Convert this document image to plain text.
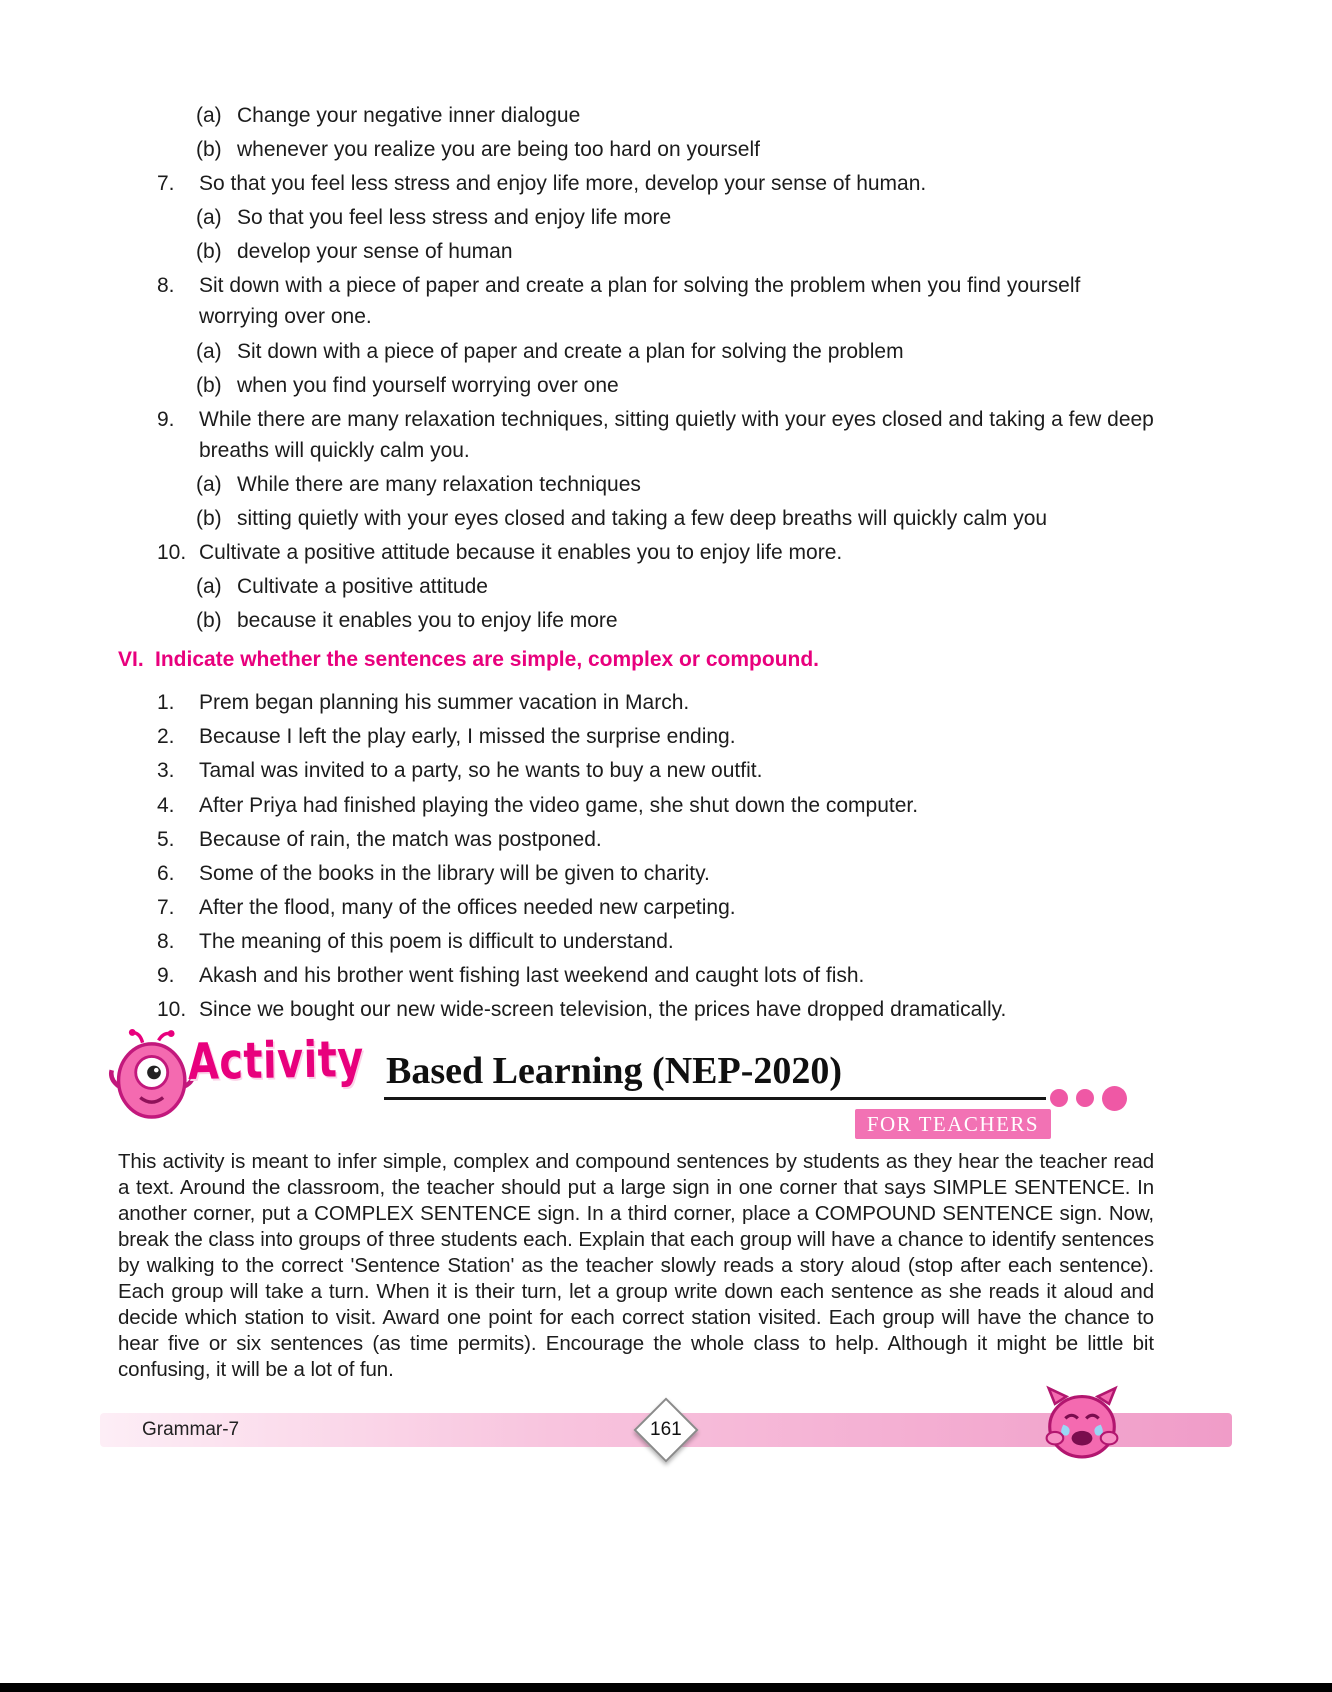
(a) Change your negative inner dialogue
(b) whenever you realize you are being too hard on yourself
7.	So that you feel less stress and enjoy life more, develop your sense of human.
(a) So that you feel less stress and enjoy life more
(b) develop your sense of human
8.	Sit down with a piece of paper and create a plan for solving the problem when you find yourself worrying over one.
(a) Sit down with a piece of paper and create a plan for solving the problem
(b) when you find yourself worrying over one
9.	While there are many relaxation techniques, sitting quietly with your eyes closed and taking a few deep breaths will quickly calm you.
(a) While there are many relaxation techniques
(b) sitting quietly with your eyes closed and taking a few deep breaths will quickly calm you
10. Cultivate a positive attitude because it enables you to enjoy life more.
(a) Cultivate a positive attitude
(b) because it enables you to enjoy life more
VI. Indicate whether the sentences are simple, complex or compound.
1.	Prem began planning his summer vacation in March.
2.	Because I left the play early, I missed the surprise ending.
3.	Tamal was invited to a party, so he wants to buy a new outfit.
4.	After Priya had finished playing the video game, she shut down the computer.
5.	Because of rain, the match was postponed.
6.	Some of the books in the library will be given to charity.
7.	After the flood, many of the offices needed new carpeting.
8.	The meaning of this poem is difficult to understand.
9.	Akash and his brother went fishing last weekend and caught lots of fish.
10. Since we bought our new wide-screen television, the prices have dropped dramatically.
Activity Based Learning (NEP-2020)
FOR TEACHERS

This activity is meant to infer simple, complex and compound sentences by students as they hear the teacher read a text. Around the classroom, the teacher should put a large sign in one corner that says SIMPLE SENTENCE. In another corner, put a COMPLEX SENTENCE sign. In a third corner, place a COMPOUND SENTENCE sign. Now, break the class into groups of three students each. Explain that each group will have a chance to identify sentences by walking to the correct 'Sentence Station' as the teacher slowly reads a story aloud (stop after each sentence). Each group will take a turn. When it is their turn, let a group write down each sentence as she reads it aloud and decide which station to visit. Award one point for each correct station visited. Each group will have the chance to hear five or six sentences (as time permits). Encourage the whole class to help. Although it might be little bit confusing, it will be a lot of fun.

Grammar-7	161
